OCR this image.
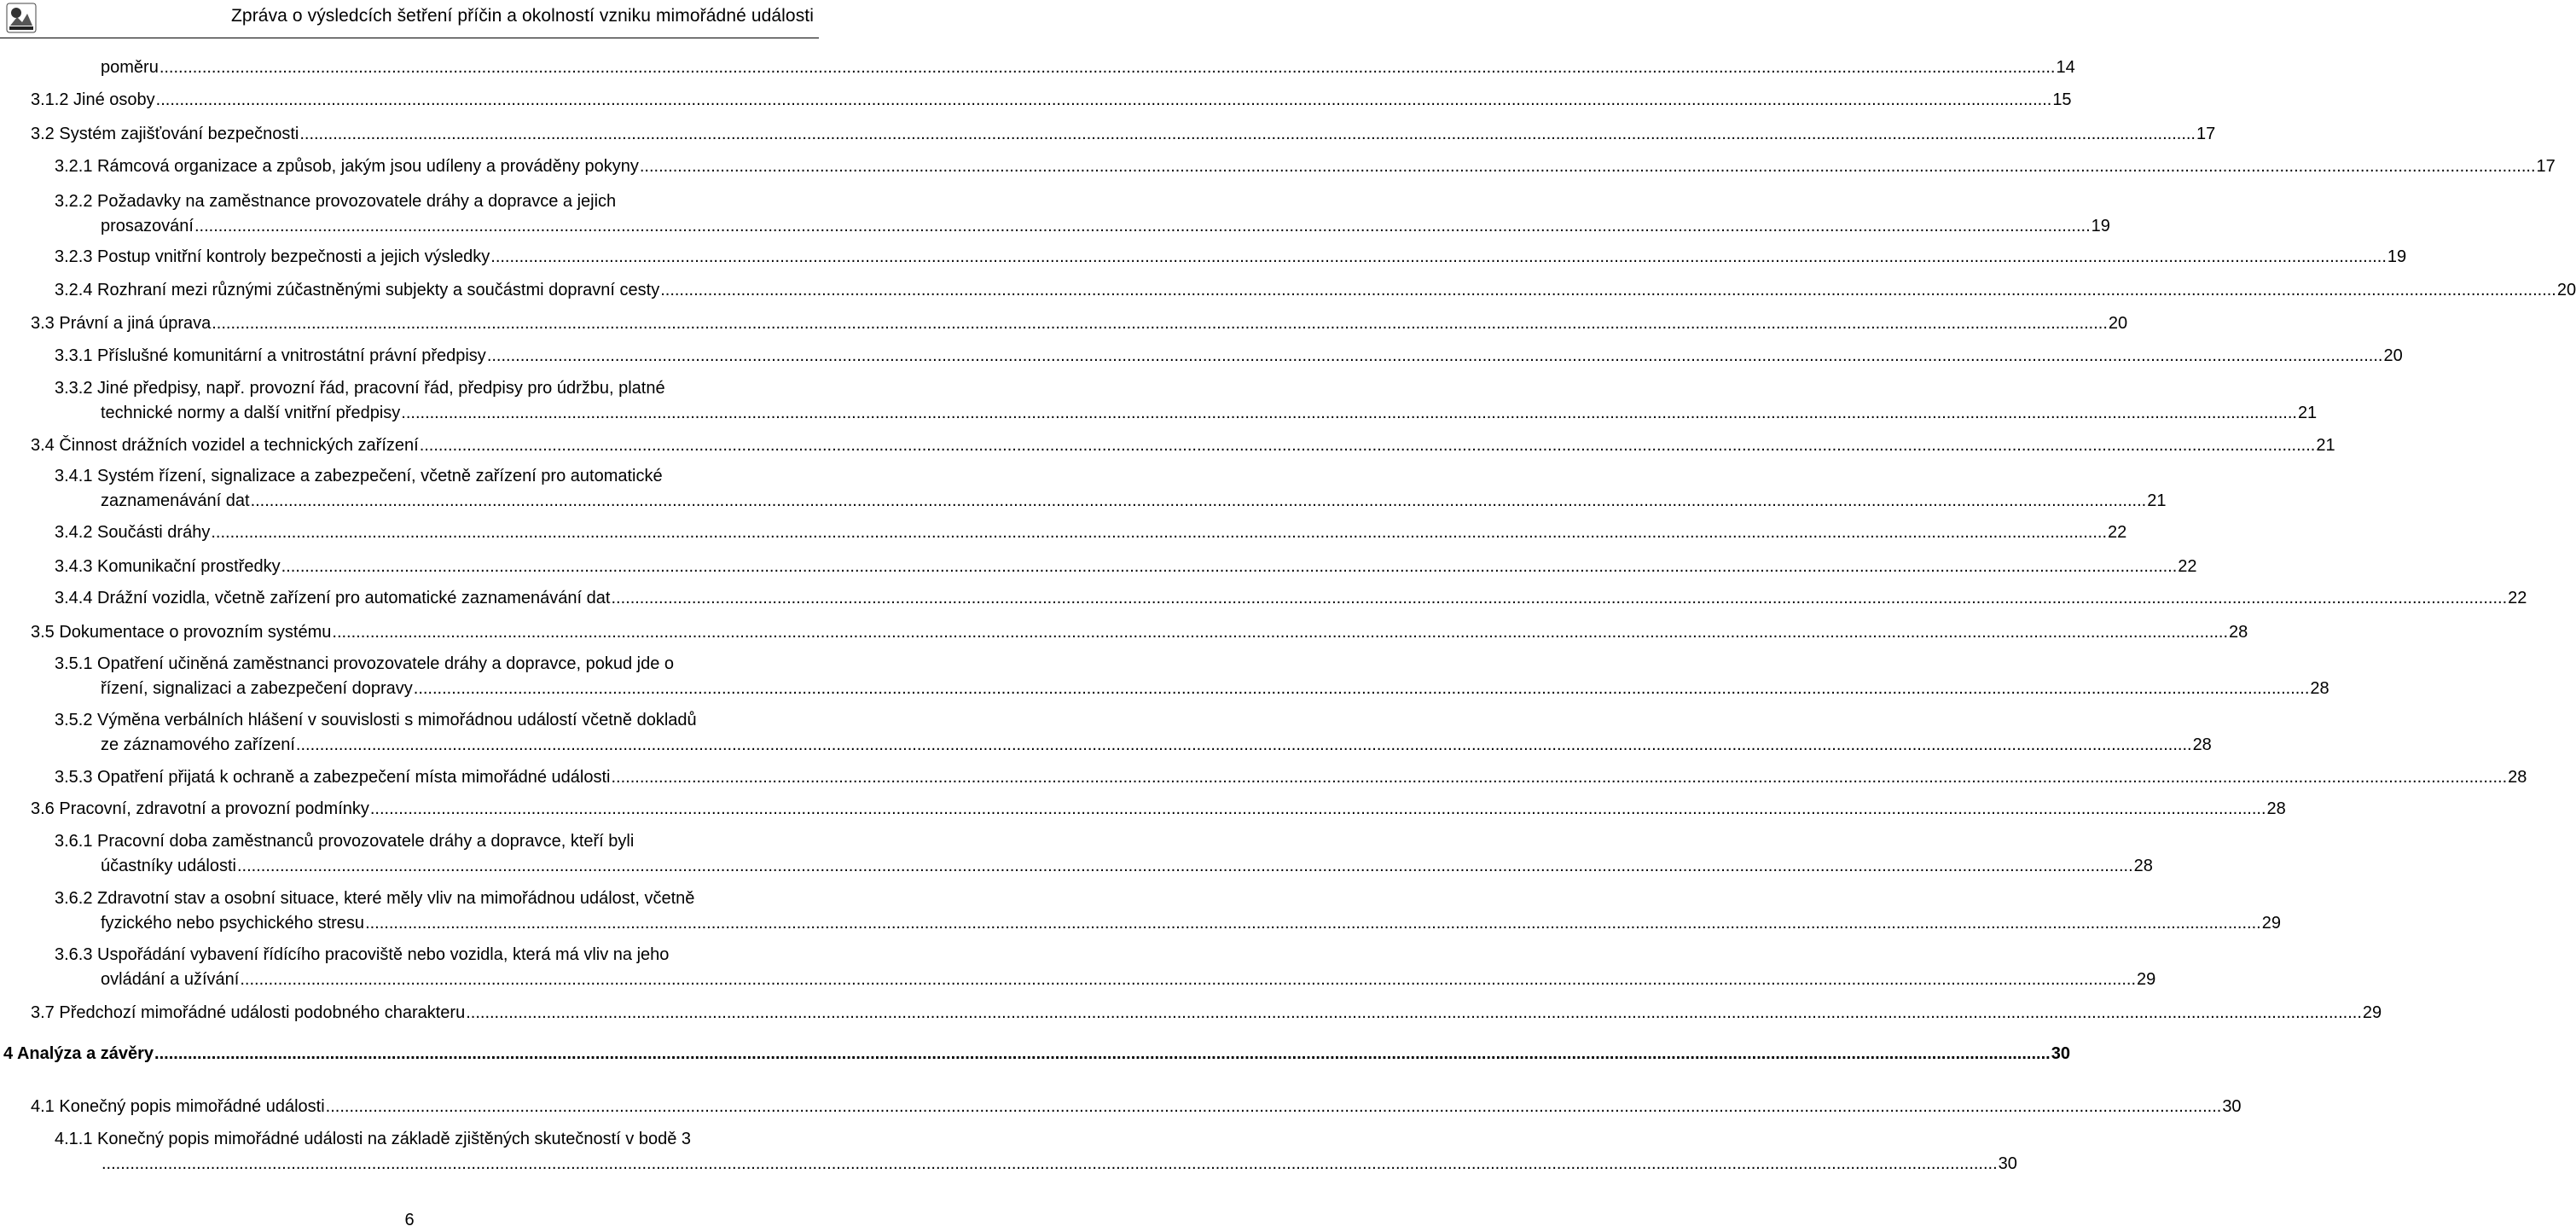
Zpráva o výsledcích šetření příčin a okolností vzniku mimořádné události
poměru ................................................................................................................................................................................................................................................................................................................................................................................................................ 14
3.1.2 Jiné osoby ................................................................................................................................................................................................................................................................................................................................................................................................................ 15
3.2 Systém zajišťování bezpečnosti ................................................................................................................................................................................................................................................................................................................................................................................................................ 17
3.2.1 Rámcová organizace a způsob, jakým jsou udíleny a prováděny pokyny ................................................................................................................................................................................................................................................................................................................................................................................................................ 17
3.2.2 Požadavky na zaměstnance provozovatele dráhy a dopravce a jejich
prosazování ................................................................................................................................................................................................................................................................................................................................................................................................................ 19
3.2.3 Postup vnitřní kontroly bezpečnosti a jejich výsledky ................................................................................................................................................................................................................................................................................................................................................................................................................ 19
3.2.4 Rozhraní mezi různými zúčastněnými subjekty a součástmi dopravní cesty ................................................................................................................................................................................................................................................................................................................................................................................................................ 20
3.3 Právní a jiná úprava ................................................................................................................................................................................................................................................................................................................................................................................................................ 20
3.3.1 Příslušné komunitární a vnitrostátní právní předpisy ................................................................................................................................................................................................................................................................................................................................................................................................................ 20
3.3.2 Jiné předpisy, např. provozní řád, pracovní řád, předpisy pro údržbu, platné
technické normy a další vnitřní předpisy ................................................................................................................................................................................................................................................................................................................................................................................................................ 21
3.4 Činnost drážních vozidel a technických zařízení ................................................................................................................................................................................................................................................................................................................................................................................................................ 21
3.4.1 Systém řízení, signalizace a zabezpečení, včetně zařízení pro automatické
zaznamenávání dat ................................................................................................................................................................................................................................................................................................................................................................................................................ 21
3.4.2 Součásti dráhy ................................................................................................................................................................................................................................................................................................................................................................................................................ 22
3.4.3 Komunikační prostředky ................................................................................................................................................................................................................................................................................................................................................................................................................ 22
3.4.4 Drážní vozidla, včetně zařízení pro automatické zaznamenávání dat ................................................................................................................................................................................................................................................................................................................................................................................................................ 22
3.5 Dokumentace o provozním systému ................................................................................................................................................................................................................................................................................................................................................................................................................ 28
3.5.1 Opatření učiněná zaměstnanci provozovatele dráhy a dopravce, pokud jde o
řízení, signalizaci a zabezpečení dopravy ................................................................................................................................................................................................................................................................................................................................................................................................................ 28
3.5.2 Výměna verbálních hlášení v souvislosti s mimořádnou událostí včetně dokladů
ze záznamového zařízení ................................................................................................................................................................................................................................................................................................................................................................................................................ 28
3.5.3 Opatření přijatá k ochraně a zabezpečení místa mimořádné události ................................................................................................................................................................................................................................................................................................................................................................................................................ 28
3.6 Pracovní, zdravotní a provozní podmínky ................................................................................................................................................................................................................................................................................................................................................................................................................ 28
3.6.1 Pracovní doba zaměstnanců provozovatele dráhy a dopravce, kteří byli
účastníky události ................................................................................................................................................................................................................................................................................................................................................................................................................ 28
3.6.2 Zdravotní stav a osobní situace, které měly vliv na mimořádnou událost, včetně
fyzického nebo psychického stresu ................................................................................................................................................................................................................................................................................................................................................................................................................ 29
3.6.3 Uspořádání vybavení řídícího pracoviště nebo vozidla, která má vliv na jeho
ovládání a užívání ................................................................................................................................................................................................................................................................................................................................................................................................................ 29
3.7 Předchozí mimořádné události podobného charakteru ................................................................................................................................................................................................................................................................................................................................................................................................................ 29
4 Analýza a závěry ................................................................................................................................................................................................................................................................................................................................................................................................................ 30
4.1 Konečný popis mimořádné události ................................................................................................................................................................................................................................................................................................................................................................................................................ 30
4.1.1 Konečný popis mimořádné události na základě zjištěných skutečností v bodě 3
................................................................................................................................................................................................................................................................................................................................................................................................................ 30
6
